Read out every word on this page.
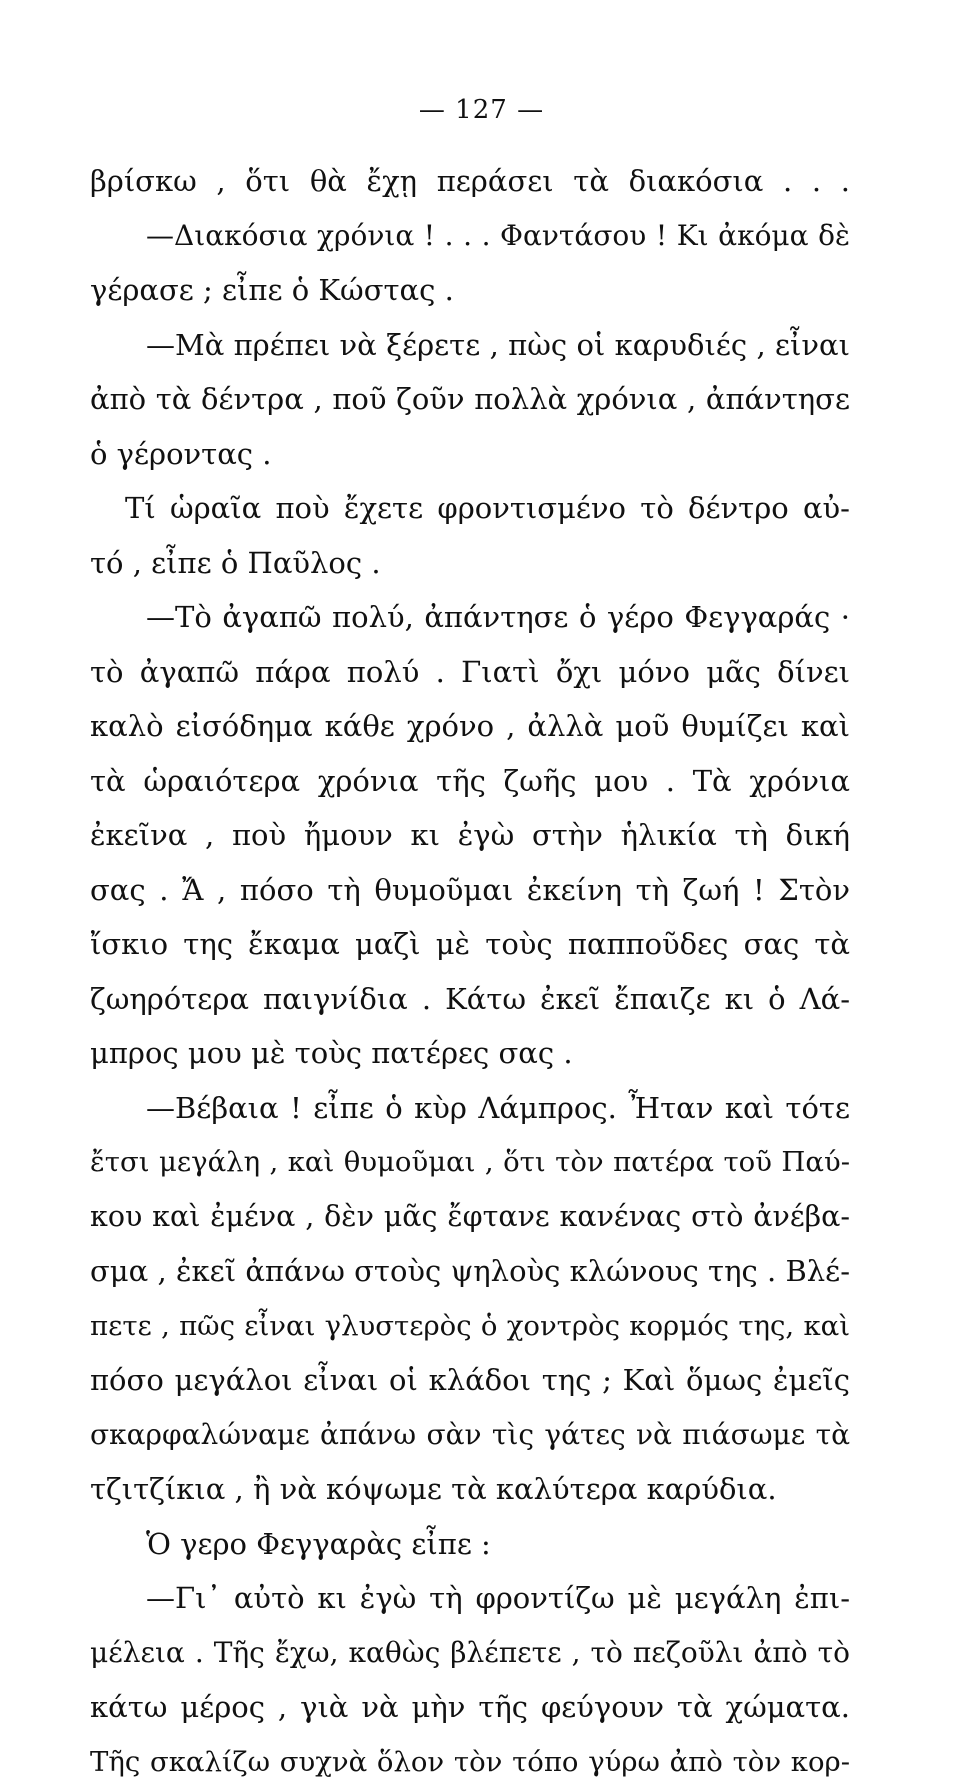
— 127 —
βρίσκω , ὅτι θὰ ἔχῃ περάσει τὰ διακόσια . . .
—Διακόσια χρόνια ! . . . Φαντάσου ! Κι ἀκόμα δὲ
γέρασε ; εἶπε ὁ Κώστας .
—Μὰ πρέπει νὰ ξέρετε , πὼς οἱ καρυδιές , εἶναι
ἀπὸ τὰ δέντρα , ποῦ ζοῦν πολλὰ χρόνια , ἀπάντησε
ὁ γέροντας .
Τί ὡραῖα ποὺ ἔχετε φροντισμένο τὸ δέντρο αὐ-
τό , εἶπε ὁ Παῦλος .
—Τὸ ἀγαπῶ πολύ, ἀπάντησε ὁ γέρο Φεγγαράς ·
τὸ ἀγαπῶ πάρα πολύ . Γιατὶ ὄχι μόνο μᾶς δίνει
καλὸ εἰσόδημα κάθε χρόνο , ἀλλὰ μοῦ θυμίζει καὶ
τὰ ὡραιότερα χρόνια τῆς ζωῆς μου . Τὰ χρόνια
ἐκεῖνα , ποὺ ἤμουν κι ἐγὼ στὴν ἡλικία τὴ δική
σας . Ἄ , πόσο τὴ θυμοῦμαι ἐκείνη τὴ ζωή ! Στὸν
ἴσκιο της ἔκαμα μαζὶ μὲ τοὺς παπποῦδες σας τὰ
ζωηρότερα παιγνίδια . Κάτω ἐκεῖ ἔπαιζε κι ὁ Λά-
μπρος μου μὲ τοὺς πατέρες σας .
—Βέβαια ! εἶπε ὁ κὺρ Λάμπρος. Ἦταν καὶ τότε
ἔτσι μεγάλη , καὶ θυμοῦμαι , ὅτι τὸν πατέρα τοῦ Παύ-
κου καὶ ἐμένα , δὲν μᾶς ἔφτανε κανένας στὸ ἀνέβα-
σμα , ἐκεῖ ἀπάνω στοὺς ψηλοὺς κλώνους της . Βλέ-
πετε , πῶς εἶναι γλυστερὸς ὁ χοντρὸς κορμός της, καὶ
πόσο μεγάλοι εἶναι οἱ κλάδοι της ; Καὶ ὅμως ἐμεῖς
σκαρφαλώναμε ἀπάνω σὰν τὶς γάτες νὰ πιάσωμε τὰ
τζιτζίκια , ἢ νὰ κόψωμε τὰ καλύτερα καρύδια.
Ὁ γερο Φεγγαρὰς εἶπε :
—Γι᾽ αὐτὸ κι ἐγὼ τὴ φροντίζω μὲ μεγάλη ἐπι-
μέλεια . Τῆς ἔχω, καθὼς βλέπετε , τὸ πεζοῦλι ἀπὸ τὸ
κάτω μέρος , γιὰ νὰ μὴν τῆς φεύγουν τὰ χώματα.
Τῆς σκαλίζω συχνὰ ὅλον τὸν τόπο γύρω ἀπὸ τὸν κορ-
